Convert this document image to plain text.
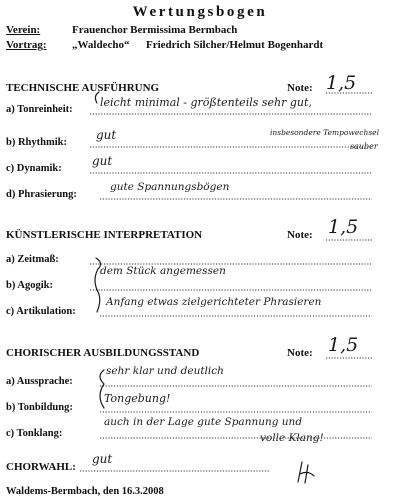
Wertungsbogen
Verein:	Frauenchor Bermissima Bermbach
Vortrag: „Waldecho“ Friedrich Silcher/Helmut Bogenhardt
TECHNISCHE AUSFÜHRUNG	Note: 1,5
a) Tonreinheit:
leicht minimal - größtenteils sehr gut,
b) Rhythmik:
gut	insbesondere Tempowechsel
sauber
c) Dynamik:
gut
d) Phrasierung:
gute Spannungsbögen
KÜNSTLERISCHE INTERPRETATION	Note: 1,5
a) Zeitmaß:
b) Agogik:
dem Stück angemessen
c) Artikulation:
Anfang etwas zielgerichteter Phrasieren
CHORISCHER AUSBILDUNGSSTAND	Note: 1,5
a) Aussprache:
sehr klar und deutlich
b) Tonbildung:
Tongebung!
c) Tonklang:
auch in der Lage gute Spannung und
volle Klang!
CHORWAHL:
gut
Waldems-Bermbach, den 16.3.2008
